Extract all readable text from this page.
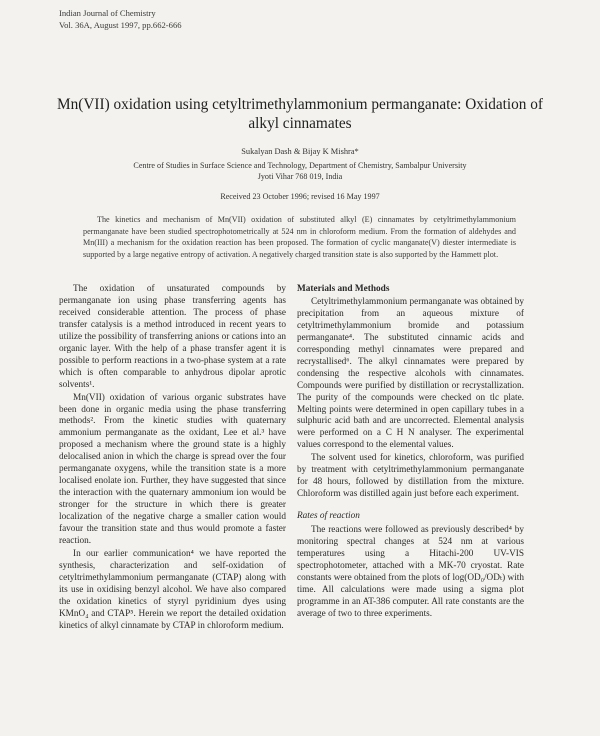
Indian Journal of Chemistry
Vol. 36A, August 1997, pp.662-666
Mn(VII) oxidation using cetyltrimethylammonium permanganate: Oxidation of alkyl cinnamates
Sukalyan Dash & Bijay K Mishra*
Centre of Studies in Surface Science and Technology, Department of Chemistry, Sambalpur University
Jyoti Vihar 768 019, India
Received 23 October 1996; revised 16 May 1997
The kinetics and mechanism of Mn(VII) oxidation of substituted alkyl (E) cinnamates by cetyltrimethylammonium permanganate have been studied spectrophotometrically at 524 nm in chloroform medium. From the formation of aldehydes and Mn(III) a mechanism for the oxidation reaction has been proposed. The formation of cyclic manganate(V) diester intermediate is supported by a large negative entropy of activation. A negatively charged transition state is also supported by the Hammett plot.

The oxidation of unsaturated compounds by permanganate ion using phase transferring agents has received considerable attention. The process of phase transfer catalysis is a method introduced in recent years to utilize the possibility of transferring anions or cations into an organic layer. With the help of a phase transfer agent it is possible to perform reactions in a two-phase system at a rate which is often comparable to anhydrous dipolar aprotic solvents¹.

Mn(VII) oxidation of various organic substrates have been done in organic media using the phase transferring methods². From the kinetic studies with quaternary ammonium permanganate as the oxidant, Lee et al.³ have proposed a mechanism where the ground state is a highly delocalised anion in which the charge is spread over the four permanganate oxygens, while the transition state is a more localised enolate ion. Further, they have suggested that since the interaction with the quaternary ammonium ion would be stronger for the structure in which there is greater localization of the negative charge a smaller cation would favour the transition state and thus would promote a faster reaction.

In our earlier communication⁴ we have reported the synthesis, characterization and self-oxidation of cetyltrimethylammonium permanganate (CTAP) along with its use in oxidising benzyl alcohol. We have also compared the oxidation kinetics of styryl pyridinium dyes using KMnO₄ and CTAP⁵. Herein we report the detailed oxidation kinetics of alkyl cinnamate by CTAP in chloroform medium.

Materials and Methods

Cetyltrimethylammonium permanganate was obtained by precipitation from an aqueous mixture of cetyltrimethylammonium bromide and potassium permanganate⁴. The substituted cinnamic acids and corresponding methyl cinnamates were prepared and recrystallised⁶. The alkyl cinnamates were prepared by condensing the respective alcohols with cinnamates. Compounds were purified by distillation or recrystallization. The purity of the compounds were checked on tlc plate. Melting points were determined in open capillary tubes in a sulphuric acid bath and are uncorrected. Elemental analysis were performed on a C H N analyser. The experimental values correspond to the elemental values.

The solvent used for kinetics, chloroform, was purified by treatment with cetyltrimethylammonium permanganate for 48 hours, followed by distillation from the mixture. Chloroform was distilled again just before each experiment.

Rates of reaction

The reactions were followed as previously described⁴ by monitoring spectral changes at 524 nm at various temperatures using a Hitachi-200 UV-VIS spectrophotometer, attached with a MK-70 cryostat. Rate constants were obtained from the plots of log(OD₀/ODₜ) with time. All calculations were made using a sigma plot programme in an AT-386 computer. All rate constants are the average of two to three experiments.
